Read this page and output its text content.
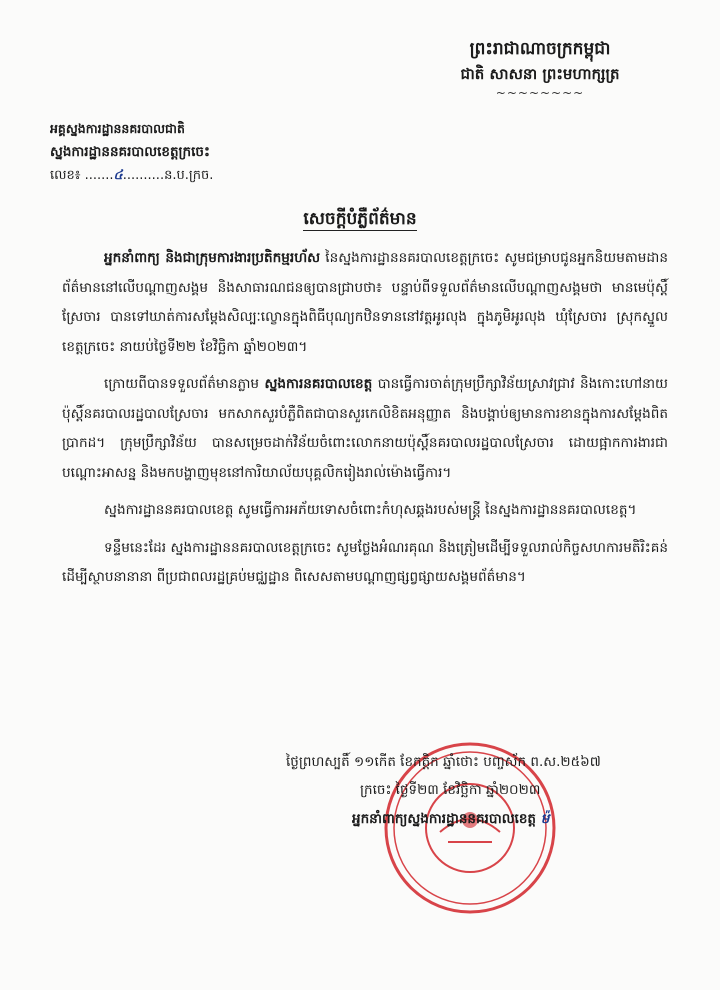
ព្រះរាជាណាចក្រកម្ពុជា
ជាតិ សាសនា ព្រះមហាក្សត្រ
~~~~~~~~
អគ្គស្នងការដ្ឋាននគរបាលជាតិ
ស្នងការដ្ឋាននគរបាលខេត្តក្រចេះ
លេខ៖ .......៤..........ន.ប.ក្រច.
សេចក្តីបំភ្លឺព័ត៌មាន

អ្នកនាំពាក្យ និងជាក្រុមការងារប្រតិកម្មរហ័ស នៃស្នងការដ្ឋាននគរបាលខេត្តក្រចេះ សូមជម្រាបជូនអ្នកនិយមតាមដានព័ត៌មាននៅលើបណ្តាញសង្គម និងសាធារណជនឲ្យបានជ្រាបថា៖ បន្ទាប់ពីទទួលព័ត៌មានលើបណ្តាញសង្គមថា មានមេប៉ុស្តិ៍ស្រែចារ បានទៅឃាត់ការសម្តែងសិល្បៈល្ខោនក្នុងពិធីបុណ្យកឋិនទាននៅវត្តអូរលុង ក្នុងភូមិអូរលុង ឃុំស្រែចារ ស្រុកស្នួល ខេត្តក្រចេះ នាយប់ថ្ងៃទី២២ ខែវិច្ឆិកា ឆ្នាំ២០២៣។

ក្រោយពីបានទទួលព័ត៌មានភ្លាម ស្នងការនគរបាលខេត្ត បានធ្វើការចាត់ក្រុមប្រឹក្សាវិន័យស្រាវជ្រាវ និងកោះហៅនាយប៉ុស្តិ៍នគរបាលរដ្ឋបាលស្រែចារ មកសាកសួរបំភ្លឺពិតជាបានសួរកេលិខិតអនុញ្ញាត និងបង្គាប់ឲ្យមានការខានក្នុងការសម្តែងពិតប្រាកដ។ ក្រុមប្រឹក្សាវិន័យ បានសម្រេចដាក់វិន័យចំពោះលោកនាយប៉ុស្តិ៍នគរបាលរដ្ឋបាលស្រែចារ ដោយផ្អាកការងារជាបណ្តោះអាសន្ន និងមកបង្ហាញមុខនៅការិយាល័យបុគ្គលិករៀងរាល់ម៉ោងធ្វើការ។

ស្នងការដ្ឋាននគរបាលខេត្ត សូមធ្វើការអភ័យទោសចំពោះកំហុសឆ្គងរបស់មន្ត្រី នៃស្នងការដ្ឋាននគរបាលខេត្ត។

ទន្ទឹមនេះដែរ ស្នងការដ្ឋាននគរបាលខេត្តក្រចេះ សូមថ្លែងអំណរគុណ និងត្រៀមដើម្បីទទួលរាល់កិច្ចសហការមតិរិះគន់ដើម្បីស្ថាបនានានា ពីប្រជាពលរដ្ឋគ្រប់មជ្ឈដ្ឋាន ពិសេសតាមបណ្តាញផ្សព្វផ្សាយសង្គមព័ត៌មាន។

ថ្ងៃព្រហស្បតិ៍ ១១កើត ខែកត្តិក ឆ្នាំថោះ បញ្ចស័ក ព.ស.២៥៦៧
ក្រចេះ ថ្ងៃទី២៣ ខែវិច្ឆិកា ឆ្នាំ២០២៣
អ្នកនាំពាក្យស្នងការដ្ឋាននគរបាលខេត្ត ម៉
